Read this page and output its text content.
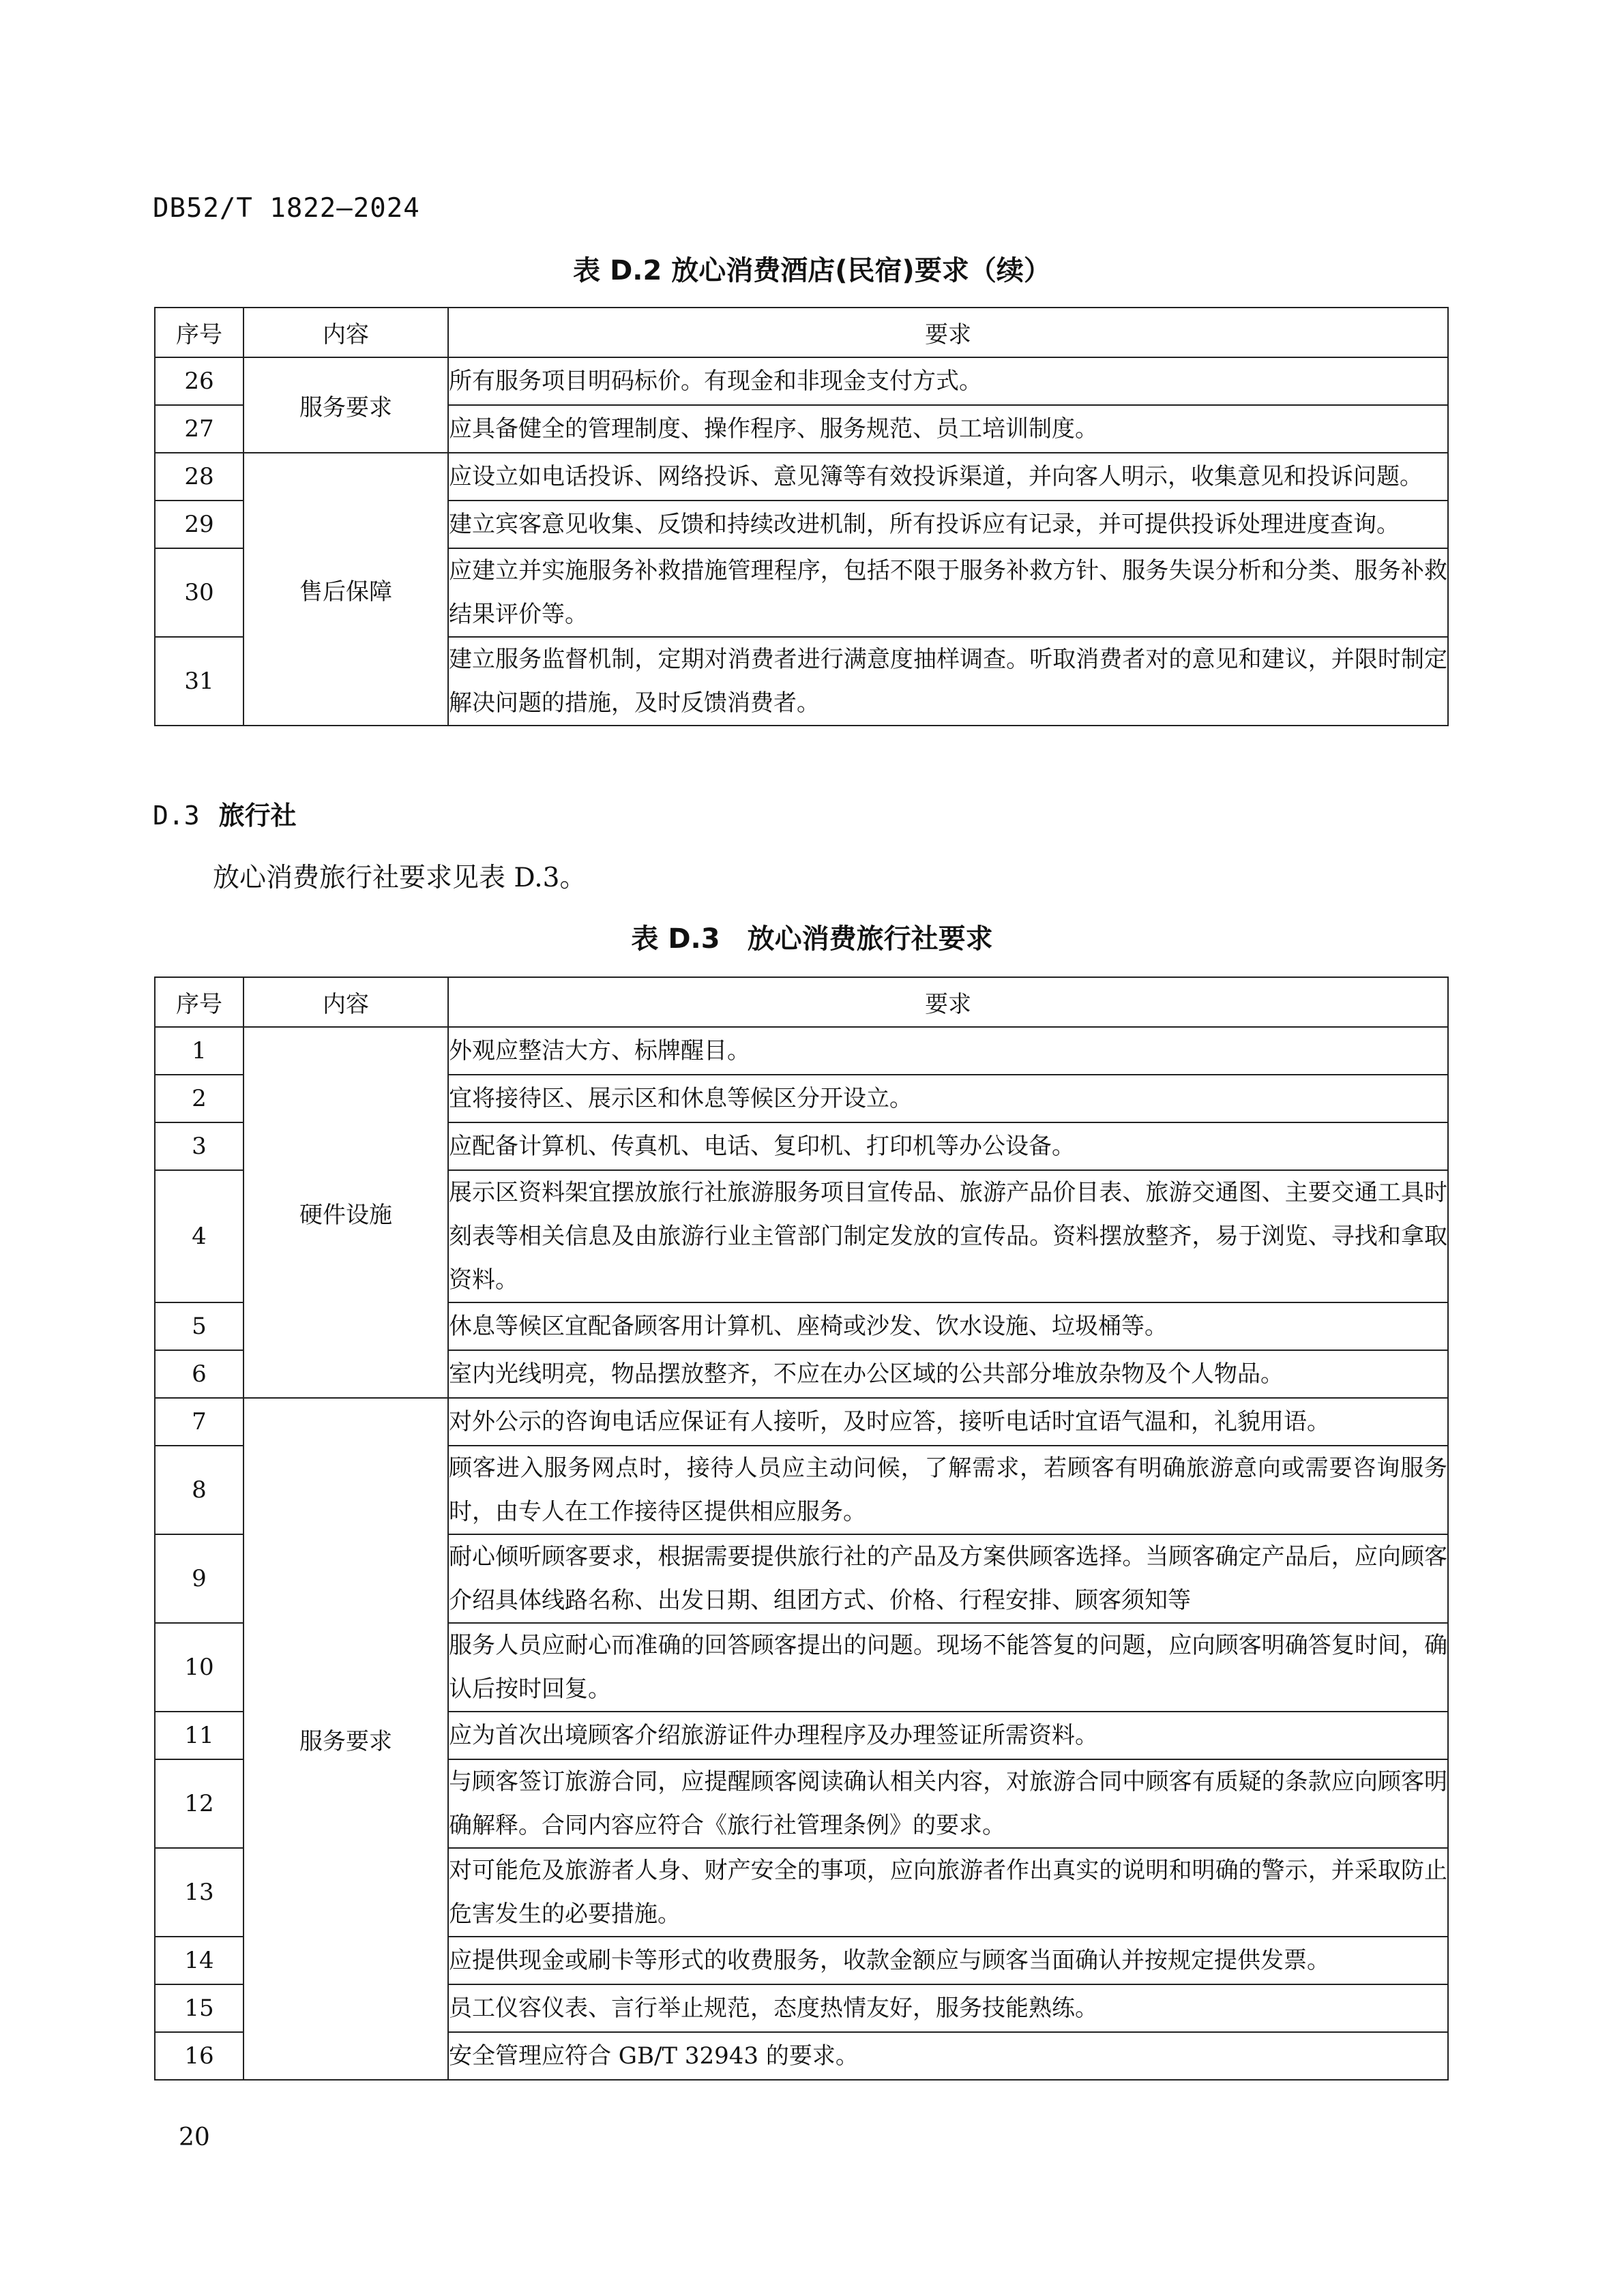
DB52/T 1822—2024
表 D.2 放心消费酒店(民宿)要求（续）
序号	内容	要求
26	服务要求	所有服务项目明码标价。有现金和非现金支付方式。
27		应具备健全的管理制度、操作程序、服务规范、员工培训制度。
28	售后保障	应设立如电话投诉、网络投诉、意见簿等有效投诉渠道，并向客人明示，收集意见和投诉问题。
29		建立宾客意见收集、反馈和持续改进机制，所有投诉应有记录，并可提供投诉处理进度查询。
30		应建立并实施服务补救措施管理程序，包括不限于服务补救方针、服务失误分析和分类、服务补救结果评价等。
31		建立服务监督机制，定期对消费者进行满意度抽样调查。听取消费者对的意见和建议，并限时制定解决问题的措施，及时反馈消费者。
D.3 旅行社
放心消费旅行社要求见表 D.3。
表 D.3　放心消费旅行社要求
序号	内容	要求
1	硬件设施	外观应整洁大方、标牌醒目。
2		宜将接待区、展示区和休息等候区分开设立。
3		应配备计算机、传真机、电话、复印机、打印机等办公设备。
4		展示区资料架宜摆放旅行社旅游服务项目宣传品、旅游产品价目表、旅游交通图、主要交通工具时刻表等相关信息及由旅游行业主管部门制定发放的宣传品。资料摆放整齐，易于浏览、寻找和拿取资料。
5		休息等候区宜配备顾客用计算机、座椅或沙发、饮水设施、垃圾桶等。
6		室内光线明亮，物品摆放整齐，不应在办公区域的公共部分堆放杂物及个人物品。
7	服务要求	对外公示的咨询电话应保证有人接听，及时应答，接听电话时宜语气温和，礼貌用语。
8		顾客进入服务网点时，接待人员应主动问候，了解需求，若顾客有明确旅游意向或需要咨询服务时，由专人在工作接待区提供相应服务。
9		耐心倾听顾客要求，根据需要提供旅行社的产品及方案供顾客选择。当顾客确定产品后，应向顾客介绍具体线路名称、出发日期、组团方式、价格、行程安排、顾客须知等
10		服务人员应耐心而准确的回答顾客提出的问题。现场不能答复的问题，应向顾客明确答复时间，确认后按时回复。
11		应为首次出境顾客介绍旅游证件办理程序及办理签证所需资料。
12		与顾客签订旅游合同，应提醒顾客阅读确认相关内容，对旅游合同中顾客有质疑的条款应向顾客明确解释。合同内容应符合《旅行社管理条例》的要求。
13		对可能危及旅游者人身、财产安全的事项，应向旅游者作出真实的说明和明确的警示，并采取防止危害发生的必要措施。
14		应提供现金或刷卡等形式的收费服务，收款金额应与顾客当面确认并按规定提供发票。
15		员工仪容仪表、言行举止规范，态度热情友好，服务技能熟练。
16		安全管理应符合 GB/T 32943 的要求。
20
